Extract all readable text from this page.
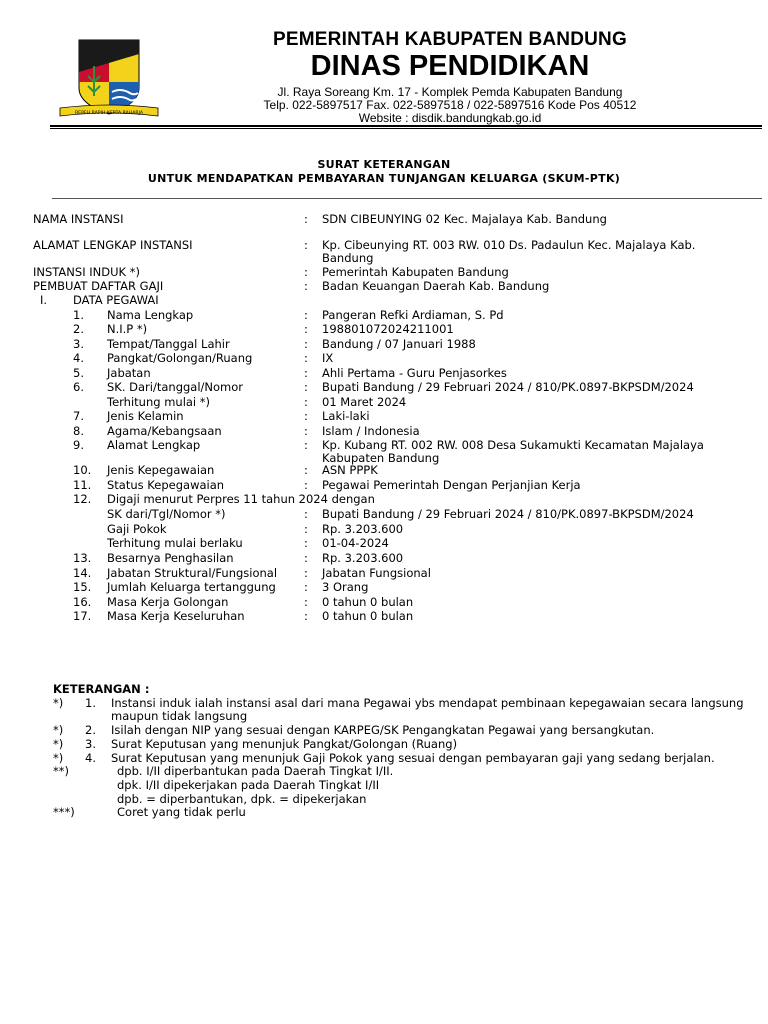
REPEH RAPIH KERTA RAHARJA
PEMERINTAH KABUPATEN BANDUNG
DINAS PENDIDIKAN
Jl. Raya Soreang Km. 17 - Komplek Pemda Kabupaten Bandung
Telp. 022-5897517 Fax. 022-5897518 / 022-5897516 Kode Pos 40512
Website : disdik.bandungkab.go.id
SURAT KETERANGAN
UNTUK MENDAPATKAN PEMBAYARAN TUNJANGAN KELUARGA (SKUM-PTK)
NAMA INSTANSI	: SDN CIBEUNYING 02 Kec. Majalaya Kab. Bandung
ALAMAT LENGKAP INSTANSI	: Kp. Cibeunying RT. 003 RW. 010 Ds. Padaulun Kec. Majalaya Kab.
Bandung
INSTANSI INDUK *)	: Pemerintah Kabupaten Bandung
PEMBUAT DAFTAR GAJI	: Badan Keuangan Daerah Kab. Bandung
I. DATA PEGAWAI
1. Nama Lengkap	: Pangeran Refki Ardiaman, S. Pd
2. N.I.P *)	: 198801072024211001
3. Tempat/Tanggal Lahir	: Bandung / 07 Januari 1988
4. Pangkat/Golongan/Ruang	: IX
5. Jabatan	: Ahli Pertama - Guru Penjasorkes
6. SK. Dari/tanggal/Nomor	: Bupati Bandung / 29 Februari 2024 / 810/PK.0897-BKPSDM/2024
Terhitung mulai *)	: 01 Maret 2024
7. Jenis Kelamin	: Laki-laki
8. Agama/Kebangsaan	: Islam / Indonesia
9. Alamat Lengkap	: Kp. Kubang RT. 002 RW. 008 Desa Sukamukti Kecamatan Majalaya
Kabupaten Bandung
10. Jenis Kepegawaian	: ASN PPPK
11. Status Kepegawaian	: Pegawai Pemerintah Dengan Perjanjian Kerja
12. Digaji menurut Perpres 11 tahun 2024 dengan
SK dari/Tgl/Nomor *)	: Bupati Bandung / 29 Februari 2024 / 810/PK.0897-BKPSDM/2024
Gaji Pokok	: Rp. 3.203.600
Terhitung mulai berlaku	: 01-04-2024
13. Besarnya Penghasilan	: Rp. 3.203.600
14. Jabatan Struktural/Fungsional : Jabatan Fungsional
15. Jumlah Keluarga tertanggung : 3 Orang
16. Masa Kerja Golongan	: 0 tahun 0 bulan
17. Masa Kerja Keseluruhan	: 0 tahun 0 bulan
KETERANGAN :
*) 1. Instansi induk ialah instansi asal dari mana Pegawai ybs mendapat pembinaan kepegawaian secara langsung
maupun tidak langsung
*) 2. Isilah dengan NIP yang sesuai dengan KARPEG/SK Pengangkatan Pegawai yang bersangkutan.
*) 3. Surat Keputusan yang menunjuk Pangkat/Golongan (Ruang)
*) 4. Surat Keputusan yang menunjuk Gaji Pokok yang sesuai dengan pembayaran gaji yang sedang berjalan.
**)	dpb. I/II diperbantukan pada Daerah Tingkat I/II.
dpk. I/II dipekerjakan pada Daerah Tingkat I/II
dpb. = diperbantukan, dpk. = dipekerjakan
***)	Coret yang tidak perlu
